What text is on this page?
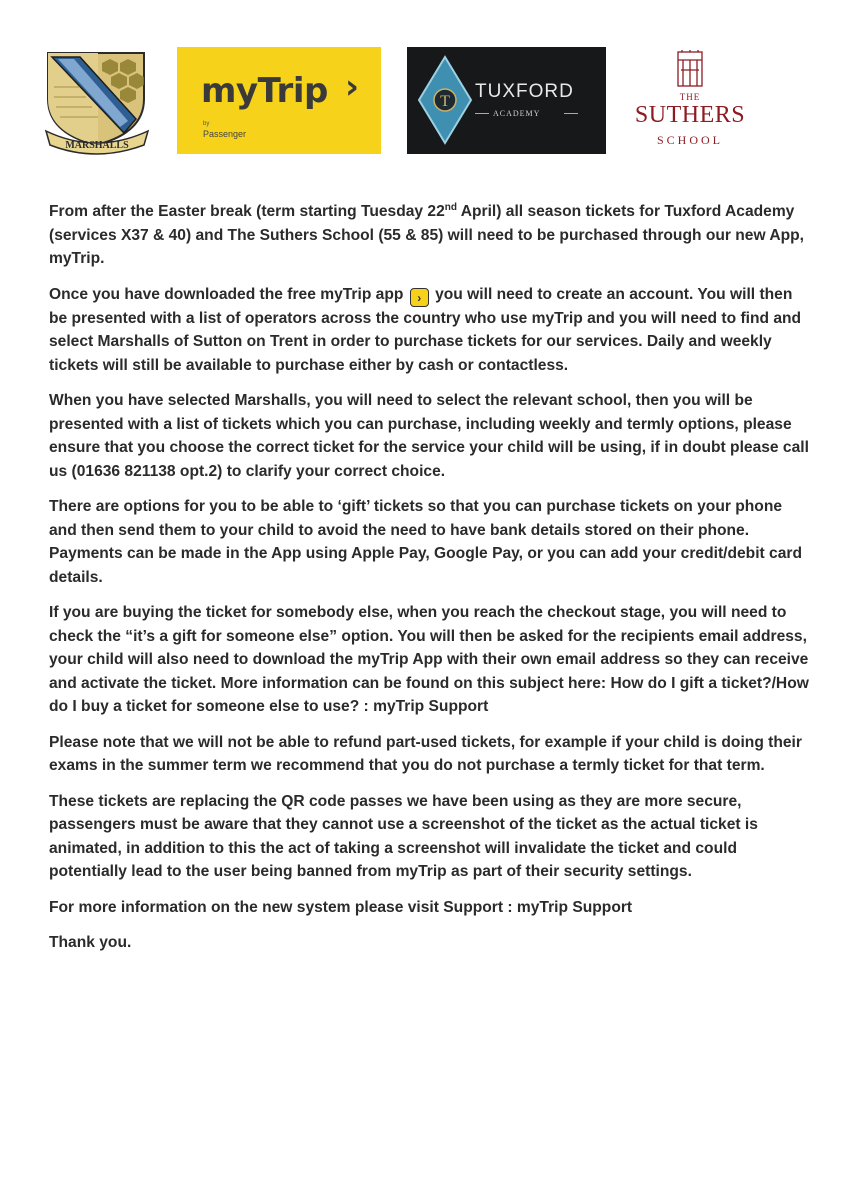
MARSHALLS
myTrip ›
by
Passenger
T TUXFORD
ACADEMY
THE
SUTHERS
SCHOOL

From after the Easter break (term starting Tuesday 22nd April) all season tickets for Tuxford Academy (services X37 & 40) and The Suthers School (55 & 85) will need to be purchased through our new App, myTrip.

Once you have downloaded the free myTrip app › you will need to create an account. You will then be presented with a list of operators across the country who use myTrip and you will need to find and select Marshalls of Sutton on Trent in order to purchase tickets for our services. Daily and weekly tickets will still be available to purchase either by cash or contactless.

When you have selected Marshalls, you will need to select the relevant school, then you will be presented with a list of tickets which you can purchase, including weekly and termly options, please ensure that you choose the correct ticket for the service your child will be using, if in doubt please call us (01636 821138 opt.2) to clarify your correct choice.

There are options for you to be able to ‘gift’ tickets so that you can purchase tickets on your phone and then send them to your child to avoid the need to have bank details stored on their phone. Payments can be made in the App using Apple Pay, Google Pay, or you can add your credit/debit card details.

If you are buying the ticket for somebody else, when you reach the checkout stage, you will need to check the “it’s a gift for someone else” option. You will then be asked for the recipients email address, your child will also need to download the myTrip App with their own email address so they can receive and activate the ticket. More information can be found on this subject here: How do I gift a ticket?/How do I buy a ticket for someone else to use? : myTrip Support

Please note that we will not be able to refund part-used tickets, for example if your child is doing their exams in the summer term we recommend that you do not purchase a termly ticket for that term.

These tickets are replacing the QR code passes we have been using as they are more secure, passengers must be aware that they cannot use a screenshot of the ticket as the actual ticket is animated, in addition to this the act of taking a screenshot will invalidate the ticket and could potentially lead to the user being banned from myTrip as part of their security settings.

For more information on the new system please visit Support : myTrip Support

Thank you.
